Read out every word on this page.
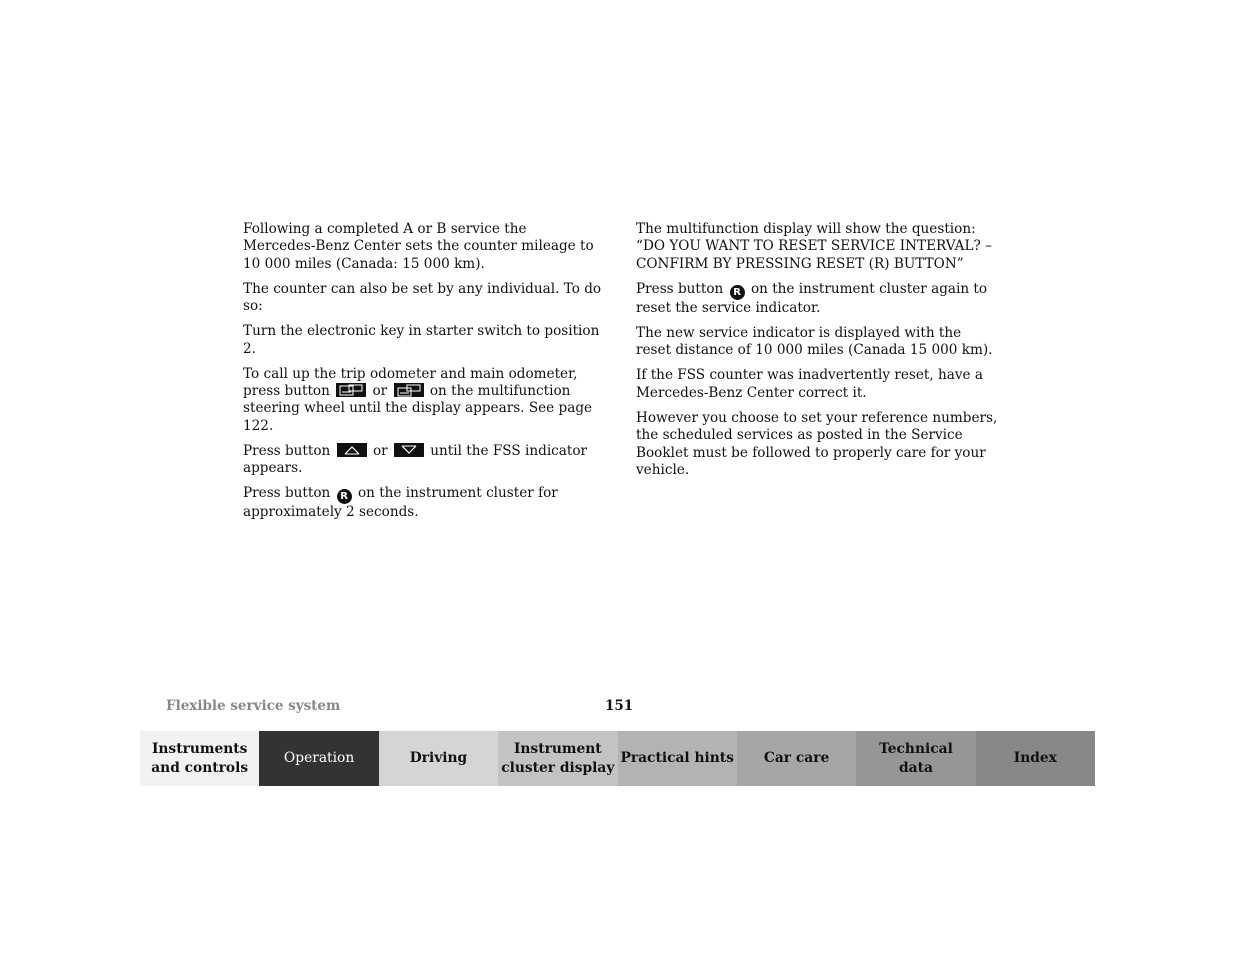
Following a completed A or B service the Mercedes-Benz Center sets the counter mileage to 10 000 miles (Canada: 15 000 km).

The counter can also be set by any individual. To do so:

Turn the electronic key in starter switch to position 2.

To call up the trip odometer and main odometer, press button	or	on the multifunction steering wheel until the display appears. See page 122.

Press button	or	until the FSS indicator appears.

Press button R on the instrument cluster for approximately 2 seconds.

The multifunction display will show the question:
“DO YOU WANT TO RESET SERVICE INTERVAL? – CONFIRM BY PRESSING RESET (R) BUTTON”

Press button R on the instrument cluster again to reset the service indicator.

The new service indicator is displayed with the reset distance of 10 000 miles (Canada 15 000 km).

If the FSS counter was inadvertently reset, have a Mercedes-Benz Center correct it.

However you choose to set your reference numbers, the scheduled services as posted in the Service Booklet must be followed to properly care for your vehicle.

Flexible service system	151
Instruments
and controls
Operation	Driving
Instrument
cluster display
Practical hints Car care
Technical
data
Index
